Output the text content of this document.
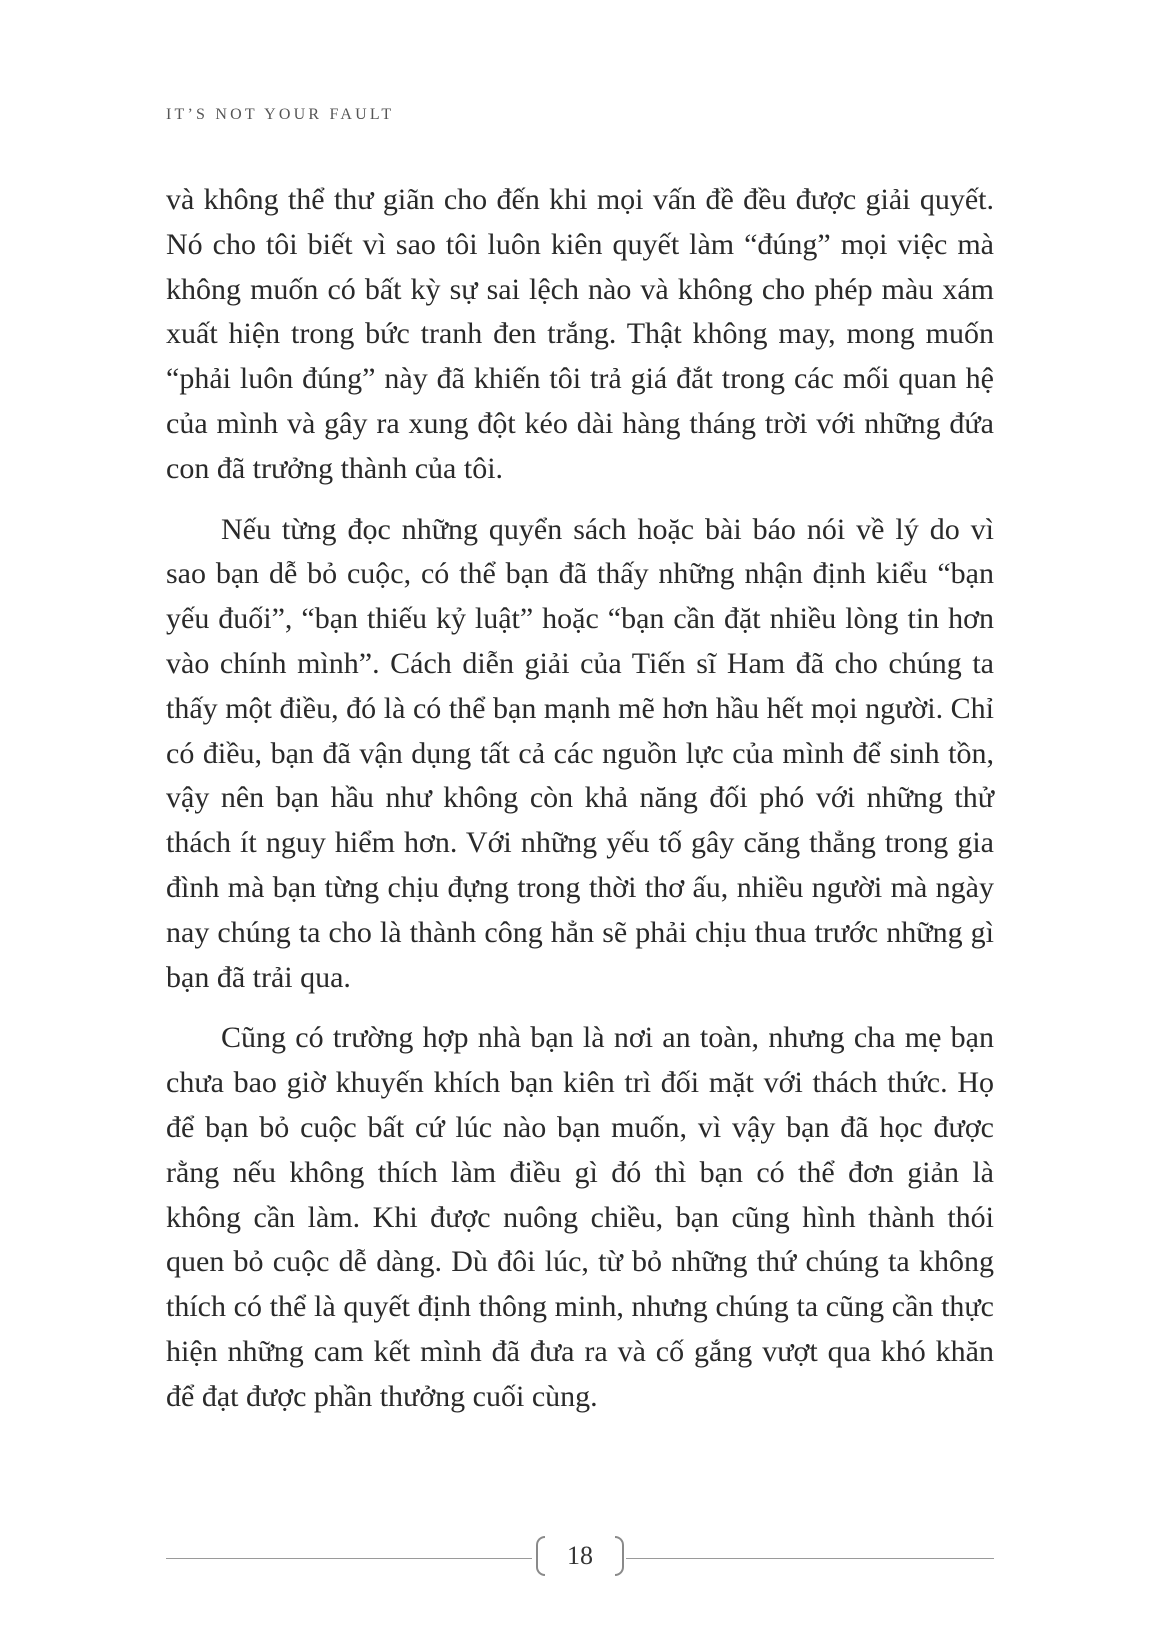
IT’S NOT YOUR FAULT

và không thể thư giãn cho đến khi mọi vấn đề đều được giải quyết. Nó cho tôi biết vì sao tôi luôn kiên quyết làm “đúng” mọi việc mà không muốn có bất kỳ sự sai lệch nào và không cho phép màu xám xuất hiện trong bức tranh đen trắng. Thật không may, mong muốn “phải luôn đúng” này đã khiến tôi trả giá đắt trong các mối quan hệ của mình và gây ra xung đột kéo dài hàng tháng trời với những đứa con đã trưởng thành của tôi.

Nếu từng đọc những quyển sách hoặc bài báo nói về lý do vì sao bạn dễ bỏ cuộc, có thể bạn đã thấy những nhận định kiểu “bạn yếu đuối”, “bạn thiếu kỷ luật” hoặc “bạn cần đặt nhiều lòng tin hơn vào chính mình”. Cách diễn giải của Tiến sĩ Ham đã cho chúng ta thấy một điều, đó là có thể bạn mạnh mẽ hơn hầu hết mọi người. Chỉ có điều, bạn đã vận dụng tất cả các nguồn lực của mình để sinh tồn, vậy nên bạn hầu như không còn khả năng đối phó với những thử thách ít nguy hiểm hơn. Với những yếu tố gây căng thẳng trong gia đình mà bạn từng chịu đựng trong thời thơ ấu, nhiều người mà ngày nay chúng ta cho là thành công hẳn sẽ phải chịu thua trước những gì bạn đã trải qua.

Cũng có trường hợp nhà bạn là nơi an toàn, nhưng cha mẹ bạn chưa bao giờ khuyến khích bạn kiên trì đối mặt với thách thức. Họ để bạn bỏ cuộc bất cứ lúc nào bạn muốn, vì vậy bạn đã học được rằng nếu không thích làm điều gì đó thì bạn có thể đơn giản là không cần làm. Khi được nuông chiều, bạn cũng hình thành thói quen bỏ cuộc dễ dàng. Dù đôi lúc, từ bỏ những thứ chúng ta không thích có thể là quyết định thông minh, nhưng chúng ta cũng cần thực hiện những cam kết mình đã đưa ra và cố gắng vượt qua khó khăn để đạt được phần thưởng cuối cùng.

18
